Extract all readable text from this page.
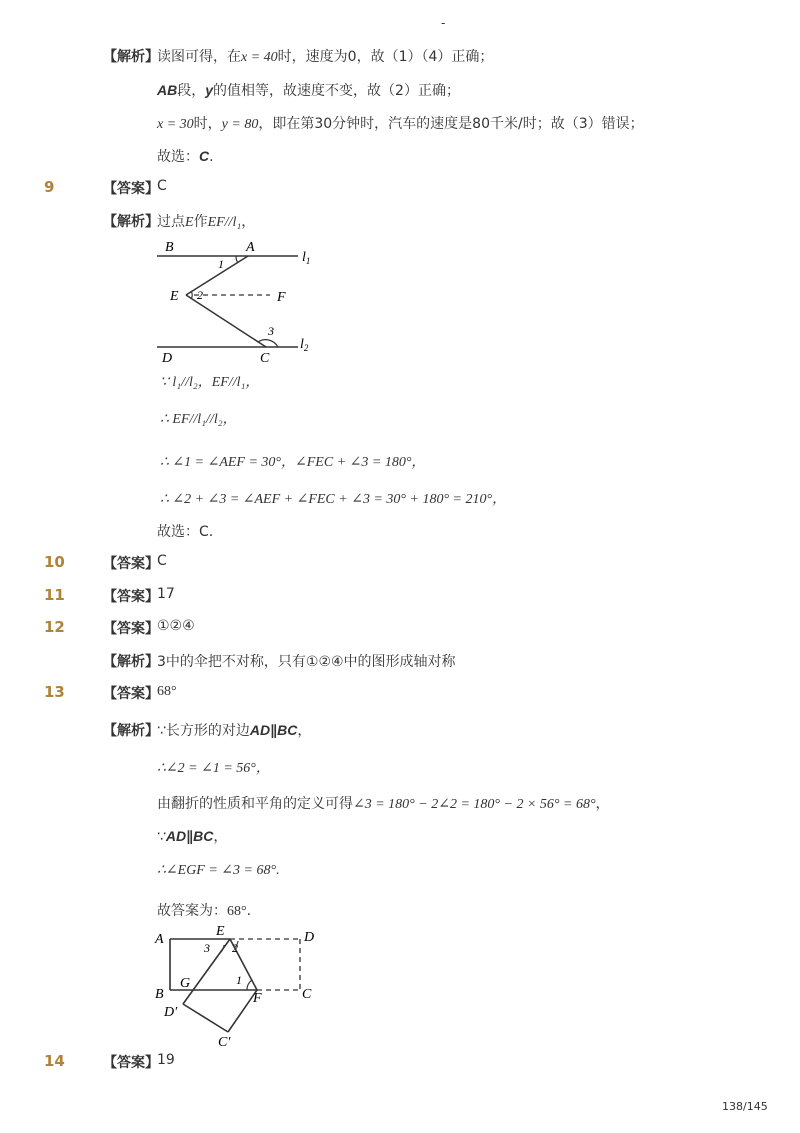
-
【解析】
读图可得，在x = 40时，速度为0，故（1）（4）正确；
AB段，y的值相等，故速度不变，故（2）正确；
x = 30时，y = 80，即在第30分钟时，汽车的速度是80千米/时；故（3）错误；
故选：C.
9	【答案】
C
【解析】
过点E作EF//l₁，
B	A
$l_1$
1
E 2	F
3
D	C
$l_2$
∵ l₁//l₂，EF//l₁，
∴ EF//l₁//l₂，
∴ ∠1 = ∠AEF = 30°，∠FEC + ∠3 = 180°，
∴ ∠2 + ∠3 = ∠AEF + ∠FEC + ∠3 = 30° + 180° = 210°，
故选：C.
10	【答案】
C
11	【答案】
17
12	【答案】
①②④
【解析】
3中的伞把不对称，只有①②④中的图形成轴对称
13	【答案】
68°
【解析】
∵长方形的对边AD∥BC，
∴∠2 = ∠1 = 56°，
由翻折的性质和平角的定义可得∠3 = 180° − 2∠2 = 180° − 2 × 56° = 68°，
∵AD∥BC，
∴∠EGF = ∠3 = 68°.
故答案为：68°.
A
E	D
3 2
G	1
B	F	C
D′
C′
14	【答案】
19
138/145
